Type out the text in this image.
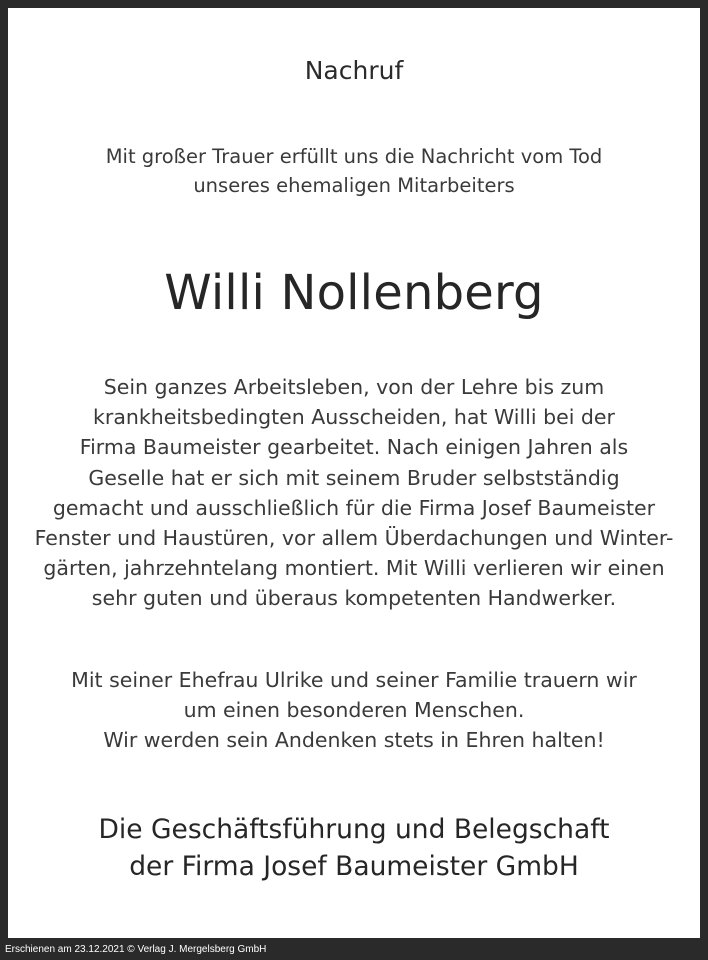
Nachruf
Mit großer Trauer erfüllt uns die Nachricht vom Tod
unseres ehemaligen Mitarbeiters
Willi Nollenberg
Sein ganzes Arbeitsleben, von der Lehre bis zum
krankheitsbedingten Ausscheiden, hat Willi bei der
Firma Baumeister gearbeitet. Nach einigen Jahren als
Geselle hat er sich mit seinem Bruder selbstständig
gemacht und ausschließlich für die Firma Josef Baumeister
Fenster und Haustüren, vor allem Überdachungen und Winter-
gärten, jahrzehntelang montiert. Mit Willi verlieren wir einen
sehr guten und überaus kompetenten Handwerker.
Mit seiner Ehefrau Ulrike und seiner Familie trauern wir
um einen besonderen Menschen.
Wir werden sein Andenken stets in Ehren halten!
Die Geschäftsführung und Belegschaft
der Firma Josef Baumeister GmbH
Erschienen am 23.12.2021 © Verlag J. Mergelsberg GmbH
